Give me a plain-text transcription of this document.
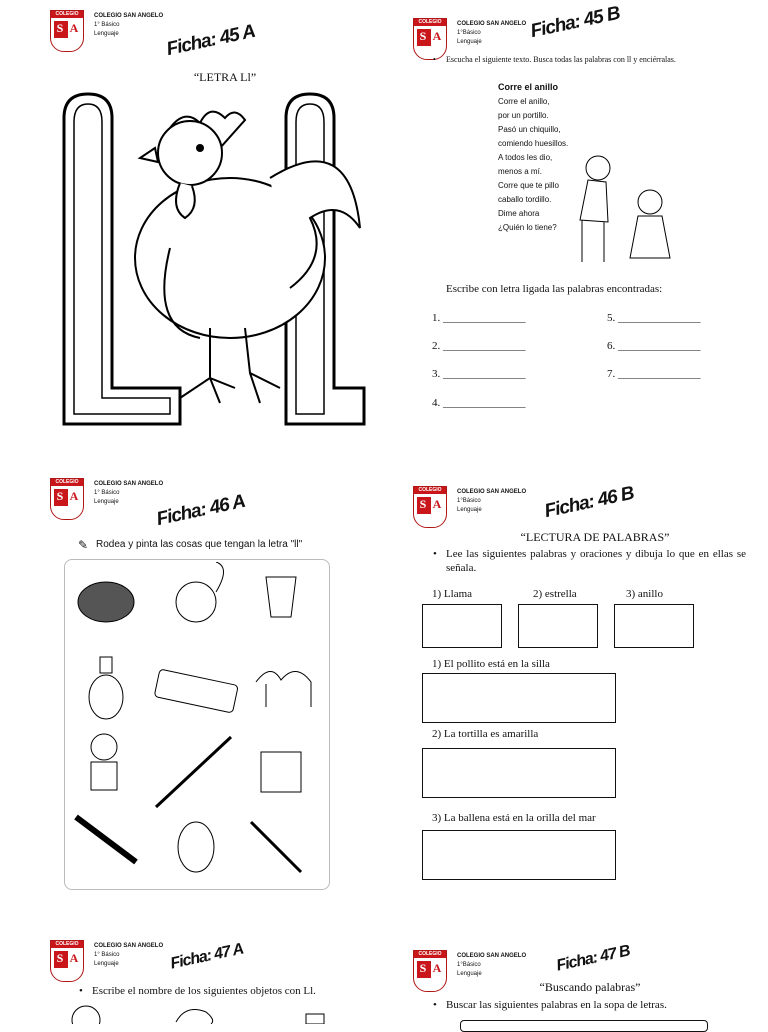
COLEGIO
S A
COLEGIO SAN ANGELO
1° Básico
Lenguaje	Ficha: 45 A
“LETRA Ll”
COLEGIO
S A
COLEGIO SAN ANGELO
1°Básico
Lenguaje	Ficha: 45 B
• Escucha el siguiente texto. Busca todas las palabras con ll y enciérralas.
Corre el anillo
Corre el anillo,
por un portillo.
Pasó un chiquillo,
comiendo huesillos.
A todos les dio,
menos a mí.
Corre que te pillo
caballo tordillo.
Dime ahora
¿Quién lo tiene?
Escribe con letra ligada las palabras encontradas:
1. _______________
2. _______________
3. _______________
4. _______________
5. _______________
6. _______________
7. _______________
COLEGIO
S A
COLEGIO SAN ANGELO
1° Básico
Lenguaje	Ficha: 46 A
✎ Rodea y pinta las cosas que tengan la letra "ll"
COLEGIO
S A
COLEGIO SAN ANGELO
1°Básico
Lenguaje	Ficha: 46 B
“LECTURA DE PALABRAS”
• Lee las siguientes palabras y oraciones y dibuja lo que en ellas se señala.
1) Llama	2) estrella	3) anillo
1) El pollito está en la silla
2) La tortilla es amarilla
3) La ballena está en la orilla del mar
COLEGIO
S A
COLEGIO SAN ANGELO
1° Básico
Lenguaje	Ficha: 47 A
• Escribe el nombre de los siguientes objetos con Ll.
COLEGIO
S A
COLEGIO SAN ANGELO
1°Básico
Lenguaje	Ficha: 47 B
“Buscando palabras”
• Buscar las siguientes palabras en la sopa de letras.
